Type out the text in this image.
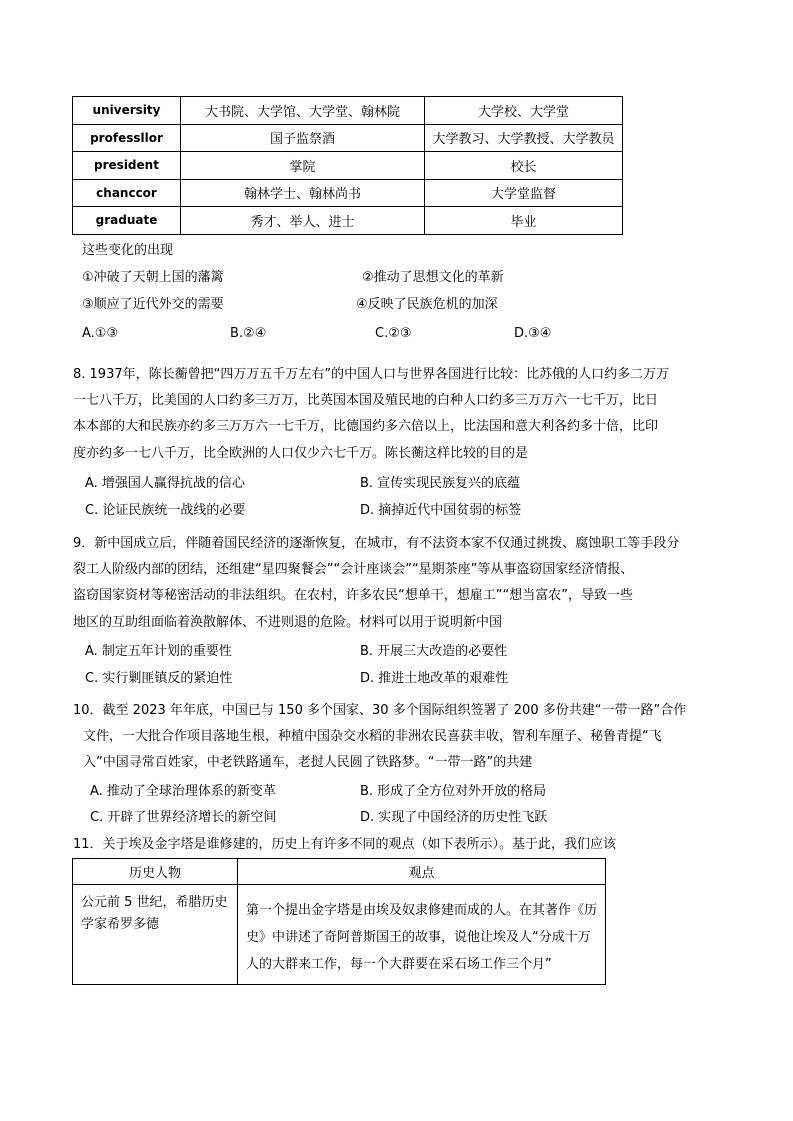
university	大书院、大学馆、大学堂、翰林院	大学校、大学堂
professllor	国子监祭酒	大学教习、大学教授、大学教员
president	掌院	校长
chanccor	翰林学士、翰林尚书	大学堂监督
graduate	秀才、举人、进士	毕业
这些变化的出现
①冲破了天朝上国的藩篱	②推动了思想文化的革新
③顺应了近代外交的需要	④反映了民族危机的加深
A.①③	B.②④	C.②③	D.③④
8. 1937年，陈长蘅曾把“四万万五千万左右”的中国人口与世界各国进行比较：比苏俄的人口约多二万万
一七八千万，比美国的人口约多三万万，比英国本国及殖民地的白种人口约多三万万六一七千万，比日
本本部的大和民族亦约多三万万六一七千万，比德国约多六倍以上，比法国和意大利各约多十倍，比印
度亦约多一七八千万，比全欧洲的人口仅少六七千万。陈长蘅这样比较的目的是
A. 增强国人赢得抗战的信心	B. 宣传实现民族复兴的底蕴
C. 论证民族统一战线的必要	D. 摘掉近代中国贫弱的标签
9．新中国成立后，伴随着国民经济的逐渐恢复，在城市，有不法资本家不仅通过挑拨、腐蚀职工等手段分
裂工人阶级内部的团结，还组建“星四聚餐会”“会计座谈会”“星期茶座”等从事盗窃国家经济情报、
盗窃国家资材等秘密活动的非法组织。在农村，许多农民“想单干，想雇工”“想当富农”，导致一些
地区的互助组面临着涣散解体、不进则退的危险。材料可以用于说明新中国
A. 制定五年计划的重要性	B. 开展三大改造的必要性
C. 实行剿匪镇反的紧迫性	D. 推进土地改革的艰难性
10．截至 2023 年年底，中国已与 150 多个国家、30 多个国际组织签署了 200 多份共建“一带一路”合作
文件，一大批合作项目落地生根，种植中国杂交水稻的非洲农民喜获丰收，智利车厘子、秘鲁青提“飞
入”中国寻常百姓家，中老铁路通车，老挝人民圆了铁路梦。“一带一路”的共建
A. 推动了全球治理体系的新变革	B. 形成了全方位对外开放的格局
C. 开辟了世界经济增长的新空间	D. 实现了中国经济的历史性飞跃
11．关于埃及金字塔是谁修建的，历史上有许多不同的观点（如下表所示）。基于此，我们应该
历史人物	观点

公元前 5 世纪，希腊历史学家希罗多德	第一个提出金字塔是由埃及奴隶修建而成的人。在其著作《历史》中讲述了奇阿普斯国王的故事，说他让埃及人“分成十万人的大群来工作，每一个大群要在采石场工作三个月”
